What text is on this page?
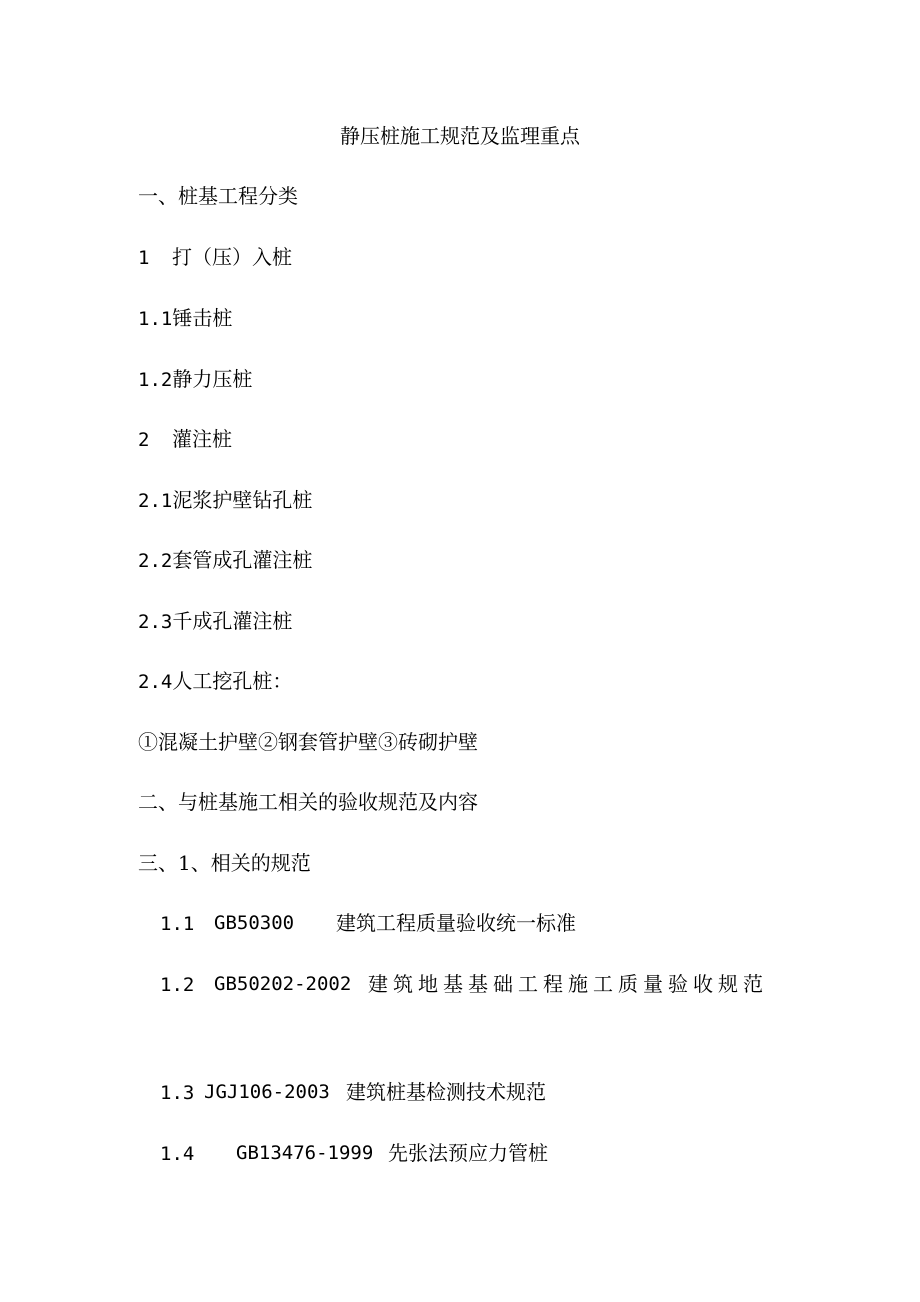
静压桩施工规范及监理重点
一、桩基工程分类
1 打（压）入桩
1.1锤击桩
1.2静力压桩
2 灌注桩
2.1泥浆护壁钻孔桩
2.2套管成孔灌注桩
2.3千成孔灌注桩
2.4人工挖孔桩：
①混凝土护壁②钢套管护壁③砖砌护壁
二、与桩基施工相关的验收规范及内容
三、1、相关的规范
1.1 GB50300 建筑工程质量验收统一标准
1.2 GB50202-2002 建筑地基基础工程施工质量验收规范
1.3 JGJ106-2003 建筑桩基检测技术规范
1.4 GB13476-1999 先张法预应力管桩
